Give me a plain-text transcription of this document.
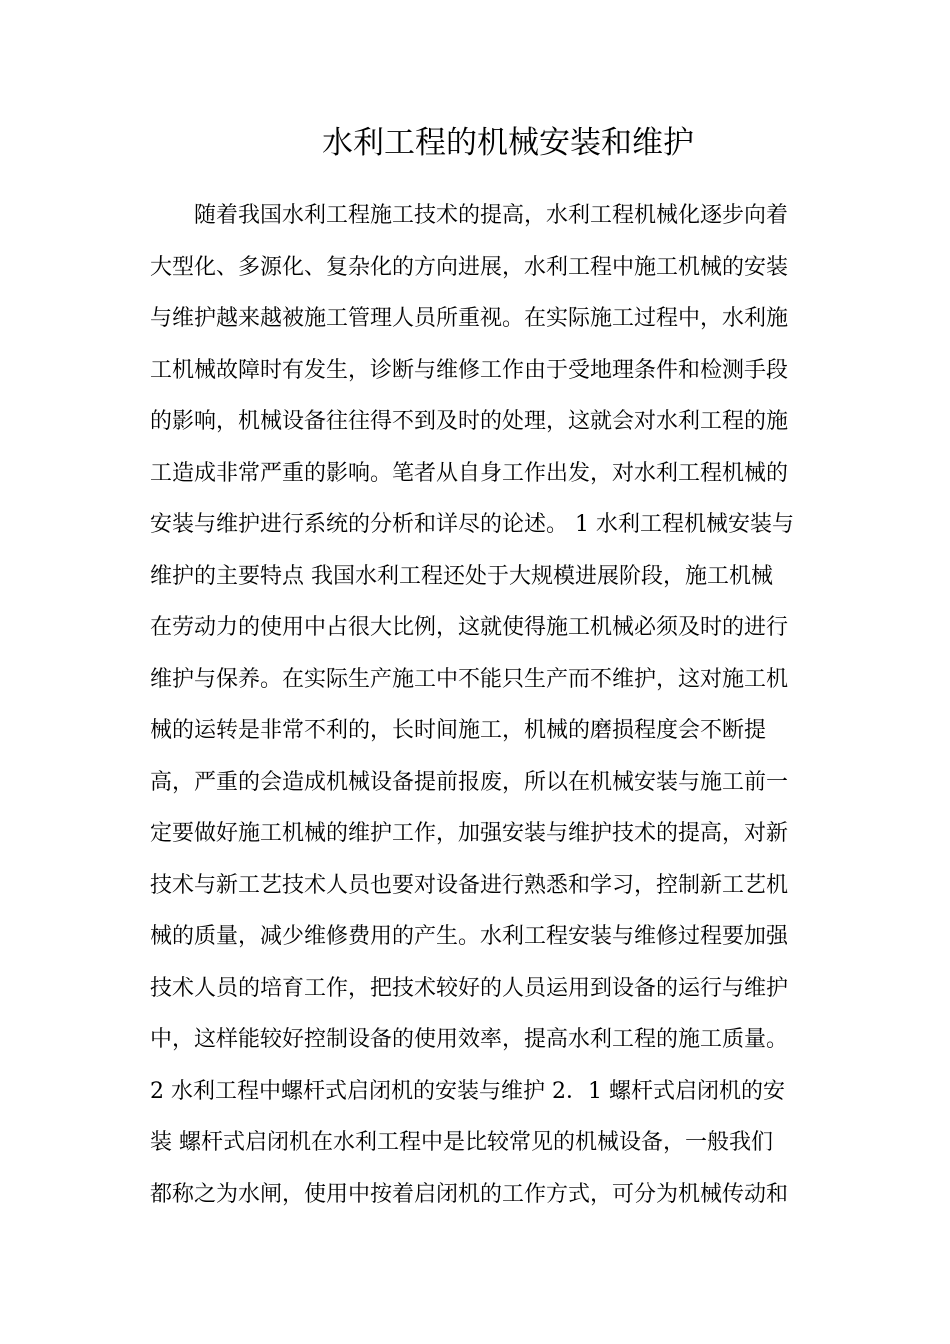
水利工程的机械安装和维护
随着我国水利工程施工技术的提高，水利工程机械化逐步向着
大型化、多源化、复杂化的方向进展，水利工程中施工机械的安装
与维护越来越被施工管理人员所重视。在实际施工过程中，水利施
工机械故障时有发生，诊断与维修工作由于受地理条件和检测手段
的影响，机械设备往往得不到及时的处理，这就会对水利工程的施
工造成非常严重的影响。笔者从自身工作出发，对水利工程机械的
安装与维护进行系统的分析和详尽的论述。 1 水利工程机械安装与
维护的主要特点 我国水利工程还处于大规模进展阶段，施工机械
在劳动力的使用中占很大比例，这就使得施工机械必须及时的进行
维护与保养。在实际生产施工中不能只生产而不维护，这对施工机
械的运转是非常不利的，长时间施工，机械的磨损程度会不断提
高，严重的会造成机械设备提前报废，所以在机械安装与施工前一
定要做好施工机械的维护工作，加强安装与维护技术的提高，对新
技术与新工艺技术人员也要对设备进行熟悉和学习，控制新工艺机
械的质量，减少维修费用的产生。水利工程安装与维修过程要加强
技术人员的培育工作，把技术较好的人员运用到设备的运行与维护
中，这样能较好控制设备的使用效率，提高水利工程的施工质量。
2 水利工程中螺杆式启闭机的安装与维护 2．1 螺杆式启闭机的安
装 螺杆式启闭机在水利工程中是比较常见的机械设备，一般我们
都称之为水闸，使用中按着启闭机的工作方式，可分为机械传动和
